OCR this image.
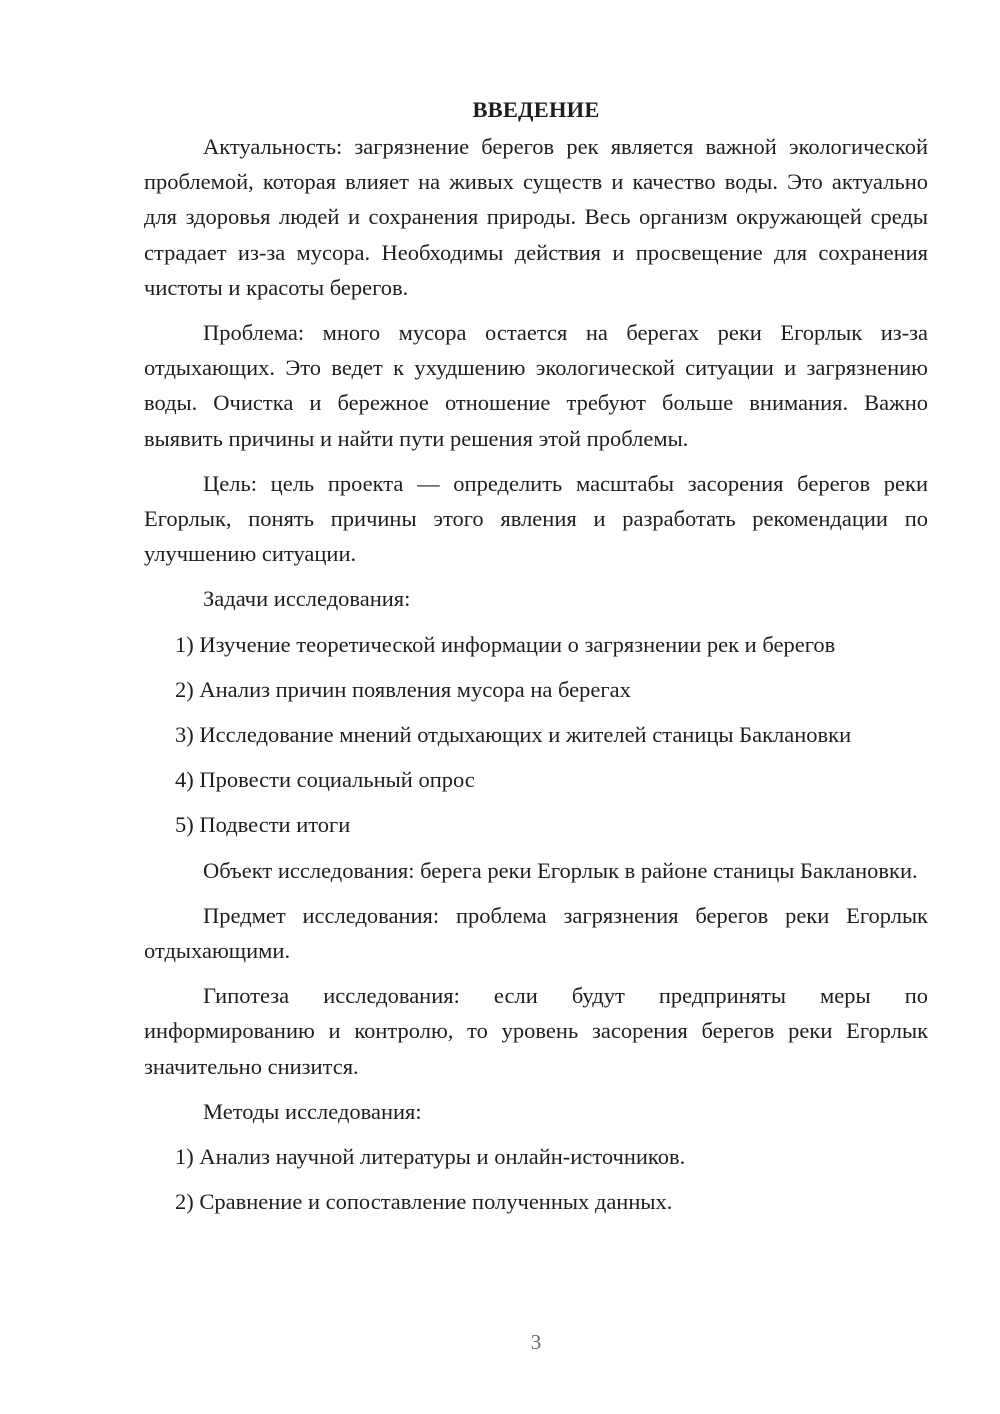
ВВЕДЕНИЕ

Актуальность: загрязнение берегов рек является важной экологической проблемой, которая влияет на живых существ и качество воды. Это актуально для здоровья людей и сохранения природы. Весь организм окружающей среды страдает из-за мусора. Необходимы действия и просвещение для сохранения чистоты и красоты берегов.

Проблема: много мусора остается на берегах реки Егорлык из-за отдыхающих. Это ведет к ухудшению экологической ситуации и загрязнению воды. Очистка и бережное отношение требуют больше внимания. Важно выявить причины и найти пути решения этой проблемы.

Цель: цель проекта — определить масштабы засорения берегов реки Егорлык, понять причины этого явления и разработать рекомендации по улучшению ситуации.

Задачи исследования:

1) Изучение теоретической информации о загрязнении рек и берегов
2) Анализ причин появления мусора на берегах
3) Исследование мнений отдыхающих и жителей станицы Баклановки
4) Провести социальный опрос
5) Подвести итоги

Объект исследования: берега реки Егорлык в районе станицы Баклановки.

Предмет исследования: проблема загрязнения берегов реки Егорлык отдыхающими.

Гипотеза исследования: если будут предприняты меры по информированию и контролю, то уровень засорения берегов реки Егорлык значительно снизится.

Методы исследования:

1) Анализ научной литературы и онлайн-источников.
2) Сравнение и сопоставление полученных данных.
3
